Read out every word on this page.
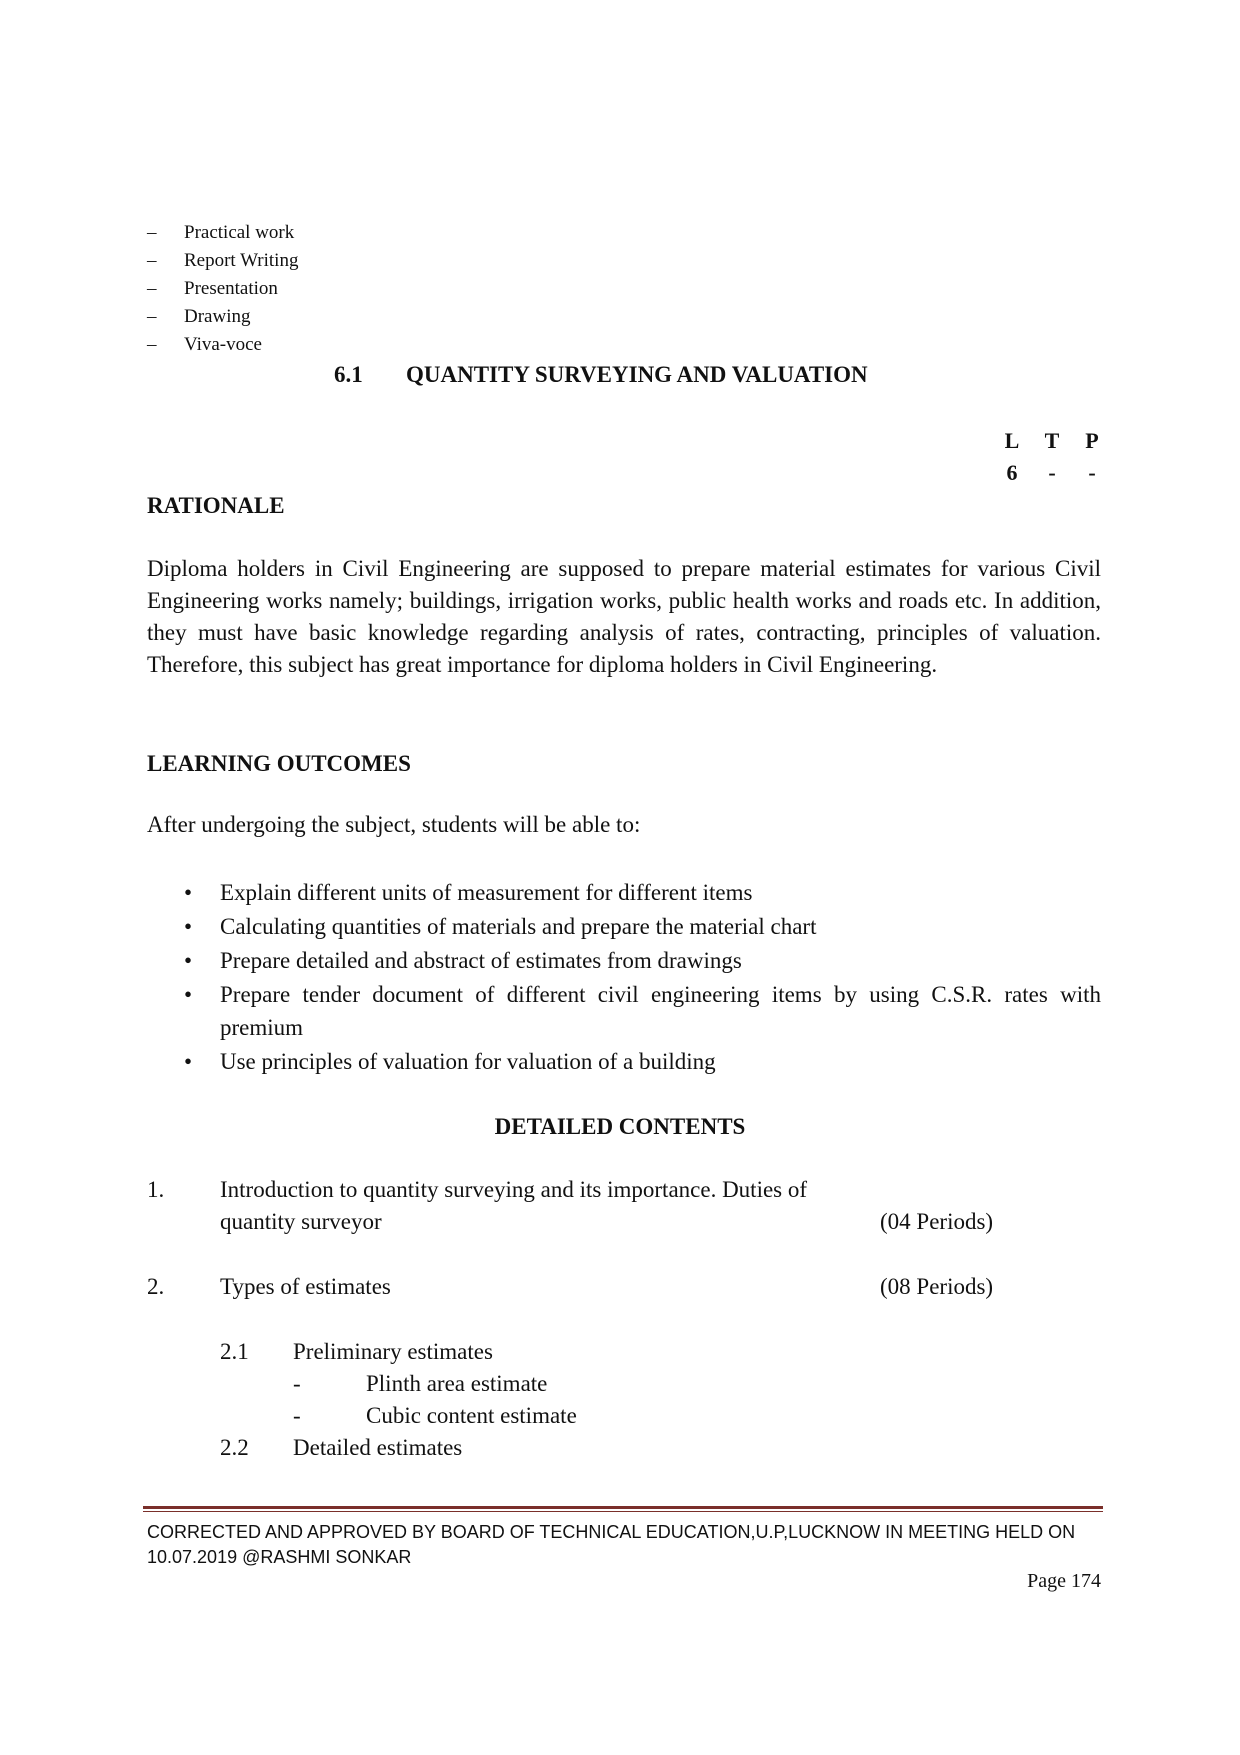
– Practical work
– Report Writing
– Presentation
– Drawing
– Viva-voce
6.1 QUANTITY SURVEYING AND VALUATION
L	T	P
6	-	-
RATIONALE
Diploma holders in Civil Engineering are supposed to prepare material estimates for various Civil Engineering works namely; buildings, irrigation works, public health works and roads etc. In addition, they must have basic knowledge regarding analysis of rates, contracting, principles of valuation. Therefore, this subject has great importance for diploma holders in Civil Engineering.
LEARNING OUTCOMES
After undergoing the subject, students will be able to:
• Explain different units of measurement for different items
• Calculating quantities of materials and prepare the material chart
• Prepare detailed and abstract of estimates from drawings
• Prepare tender document of different civil engineering items by using C.S.R. rates with premium
• Use principles of valuation for valuation of a building
DETAILED CONTENTS
1. Introduction to quantity surveying and its importance. Duties of
quantity surveyor	(04 Periods)
2. Types of estimates	(08 Periods)
2.1 Preliminary estimates
-	Plinth area estimate
-	Cubic content estimate
2.2 Detailed estimates
CORRECTED AND APPROVED BY BOARD OF TECHNICAL EDUCATION,U.P,LUCKNOW IN MEETING HELD ON
10.07.2019 @RASHMI SONKAR
Page 174
